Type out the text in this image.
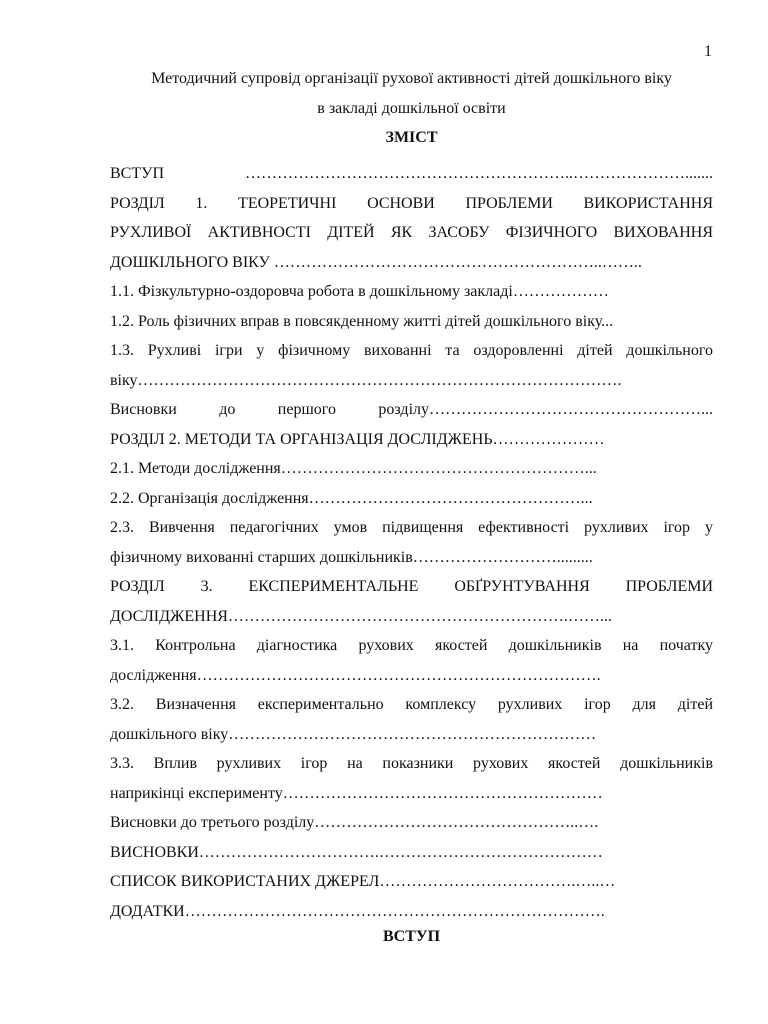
1
Методичний супровід організації рухової активності дітей дошкільного віку
в закладі дошкільної освіти
ЗМІСТ
ВСТУП ……………………………………………………..………………….......
РОЗДІЛ 1. ТЕОРЕТИЧНІ ОСНОВИ ПРОБЛЕМИ ВИКОРИСТАННЯ
РУХЛИВОЇ АКТИВНОСТІ ДІТЕЙ ЯК ЗАСОБУ ФІЗИЧНОГО ВИХОВАННЯ
ДОШКІЛЬНОГО ВІКУ ……………………………………………………..……..
1.1. Фізкультурно-оздоровча робота в дошкільному закладі………………
1.2. Роль фізичних вправ в повсякденному житті дітей дошкільного віку...
1.3. Рухливі ігри у фізичному вихованні та оздоровленні дітей дошкільного
віку……………………………………………………………………………….
Висновки до першого розділу……………………………………………...
РОЗДІЛ 2. МЕТОДИ ТА ОРГАНІЗАЦІЯ ДОСЛІДЖЕНЬ…………………
2.1. Методи дослідження…………………………………………………...
2.2. Організація дослідження……………………………………………...
2.3. Вивчення педагогічних умов підвищення ефективності рухливих ігор у
фізичному вихованні старших дошкільників……………………….........
РОЗДІЛ 3. ЕКСПЕРИМЕНТАЛЬНЕ ОБҐРУНТУВАННЯ ПРОБЛЕМИ
ДОСЛІДЖЕННЯ……………………………………………………….……...
3.1. Контрольна діагностика рухових якостей дошкільників на початку
дослідження………………………………………………………………….
3.2. Визначення експериментально комплексу рухливих ігор для дітей
дошкільного віку……………………………………………………………
3.3. Вплив рухливих ігор на показники рухових якостей дошкільників
наприкінці експерименту……………………………………………………
Висновки до третього розділу…………………………………………..….
ВИСНОВКИ…………………………….……………………………………
СПИСОК ВИКОРИСТАНИХ ДЖЕРЕЛ……………………………….…..…
ДОДАТКИ…………………………………………………………………….
ВСТУП
